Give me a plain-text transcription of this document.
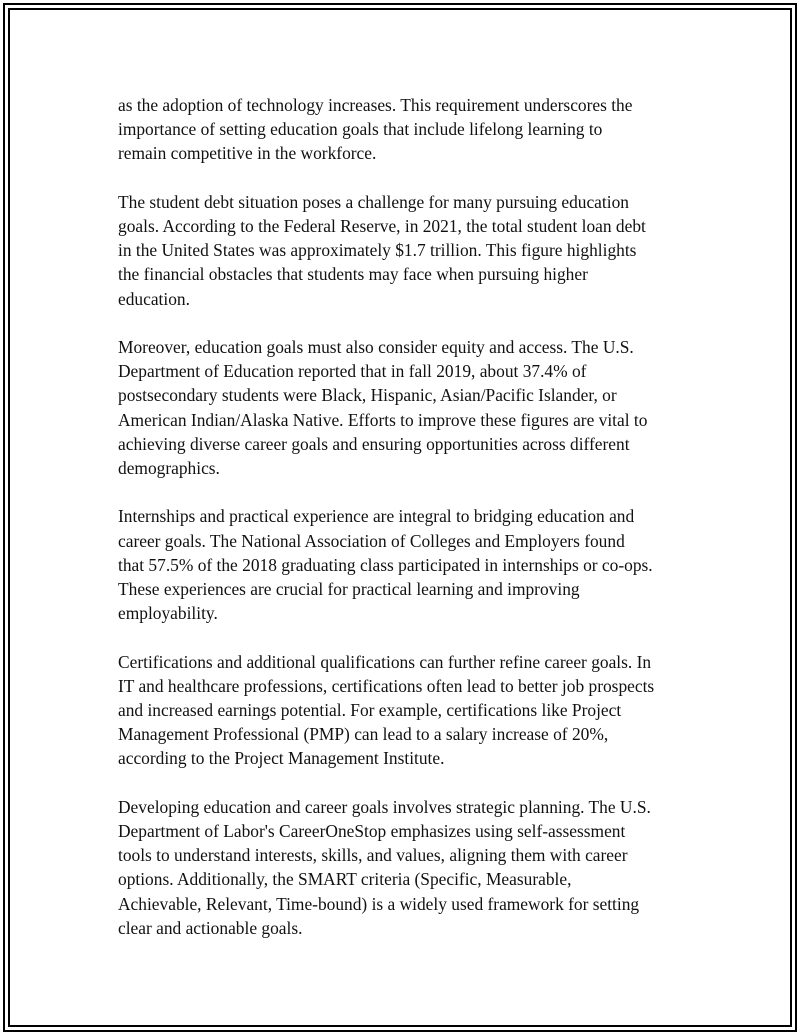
as the adoption of technology increases. This requirement underscores the
importance of setting education goals that include lifelong learning to
remain competitive in the workforce.

The student debt situation poses a challenge for many pursuing education
goals. According to the Federal Reserve, in 2021, the total student loan debt
in the United States was approximately $1.7 trillion. This figure highlights
the financial obstacles that students may face when pursuing higher
education.

Moreover, education goals must also consider equity and access. The U.S.
Department of Education reported that in fall 2019, about 37.4% of
postsecondary students were Black, Hispanic, Asian/Pacific Islander, or
American Indian/Alaska Native. Efforts to improve these figures are vital to
achieving diverse career goals and ensuring opportunities across different
demographics.

Internships and practical experience are integral to bridging education and
career goals. The National Association of Colleges and Employers found
that 57.5% of the 2018 graduating class participated in internships or co-ops.
These experiences are crucial for practical learning and improving
employability.

Certifications and additional qualifications can further refine career goals. In
IT and healthcare professions, certifications often lead to better job prospects
and increased earnings potential. For example, certifications like Project
Management Professional (PMP) can lead to a salary increase of 20%,
according to the Project Management Institute.

Developing education and career goals involves strategic planning. The U.S.
Department of Labor's CareerOneStop emphasizes using self-assessment
tools to understand interests, skills, and values, aligning them with career
options. Additionally, the SMART criteria (Specific, Measurable,
Achievable, Relevant, Time-bound) is a widely used framework for setting
clear and actionable goals.
